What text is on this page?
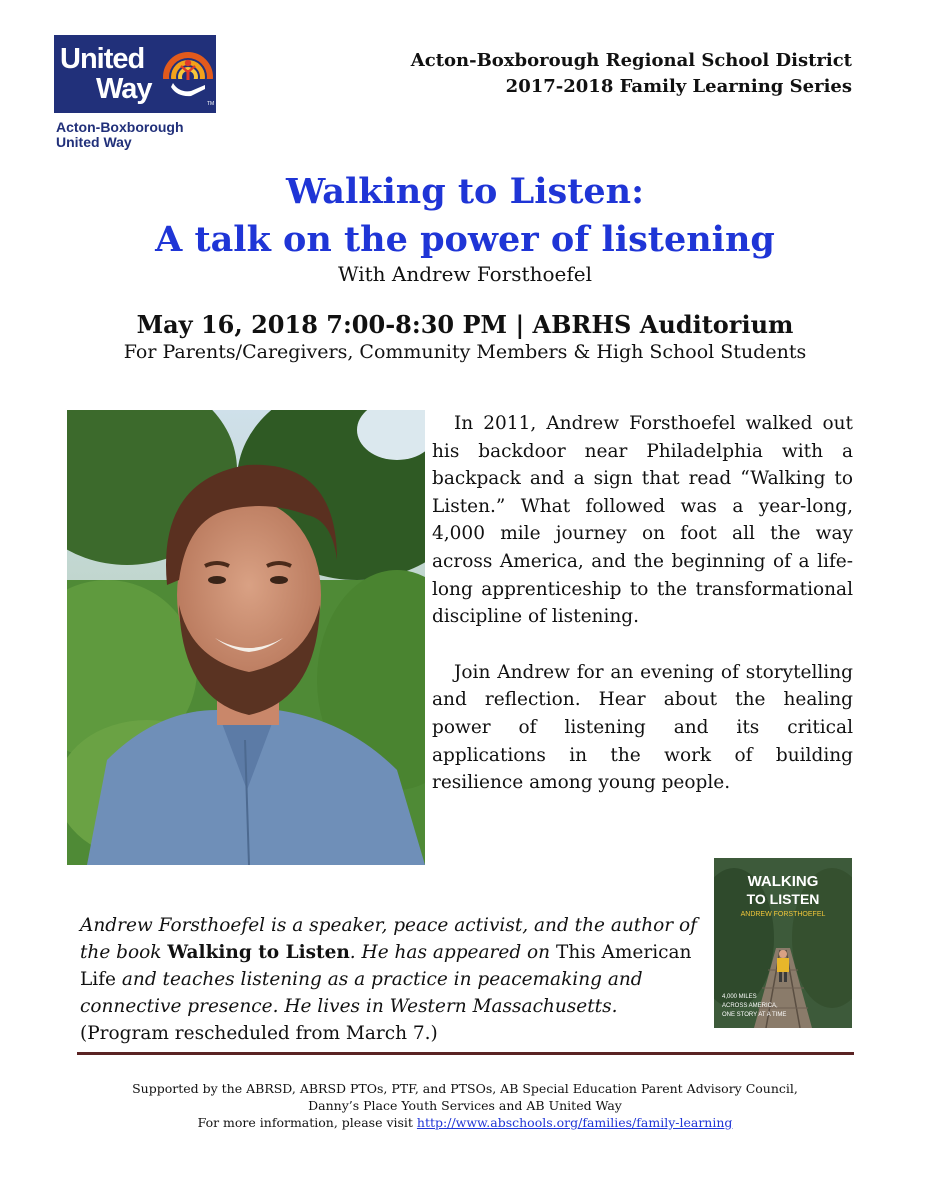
United
Way	TM
Acton-Boxborough
United Way
Acton-Boxborough Regional School District
2017-2018 Family Learning Series
Walking to Listen:
A talk on the power of listening
With Andrew Forsthoefel
May 16, 2018 7:00-8:30 PM | ABRHS Auditorium
For Parents/Caregivers, Community Members & High School Students

In 2011, Andrew Forsthoefel walked out his backdoor near Philadelphia with a backpack and a sign that read “Walking to Listen.” What followed was a year-long, 4,000 mile journey on foot all the way across America, and the beginning of a life-long apprenticeship to the transformational discipline of listening.

Join Andrew for an evening of storytelling and reflection. Hear about the healing power of listening and its critical applications in the work of building resilience among young people.

WALKING
TO LISTEN
ANDREW FORSTHOEFEL
4,000 MILES
ACROSS AMERICA,
ONE STORY AT A TIME
Andrew Forsthoefel is a speaker, peace activist, and the author of the book Walking to Listen. He has appeared on This American Life and teaches listening as a practice in peacemaking and connective presence. He lives in Western Massachusetts. (Program rescheduled from March 7.)
Supported by the ABRSD, ABRSD PTOs, PTF, and PTSOs, AB Special Education Parent Advisory Council,
Danny’s Place Youth Services and AB United Way
For more information, please visit http://www.abschools.org/families/family-learning
